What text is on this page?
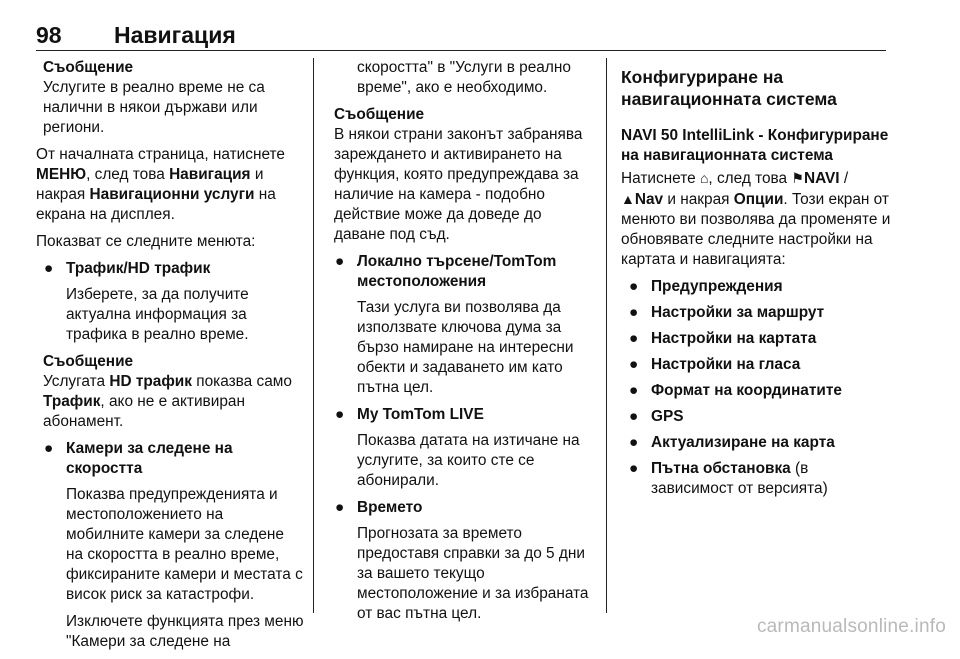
98 Навигация
Съобщение
Услугите в реално време не са налични в някои държави или региони.

От началната страница, натиснете МЕНЮ, след това Навигация и накрая Навигационни услуги на екрана на дисплея.

Показват се следните менюта:

● Трафик/HD трафик
Изберете, за да получите актуална информация за трафика в реално време.
Съобщение
Услугата HD трафик показва само Трафик, ако не е активиран абонамент.
● Камери за следене на скоростта
Показва предупрежденията и местоположението на мобилните камери за следене на скоростта в реално време, фиксираните камери и местата с висок риск за катастрофи.
Изключете функцията през меню "Камери за следене на
скоростта" в "Услуги в реално време", ако е необходимо.
Съобщение
В някои страни законът забранява зареждането и активирането на функция, която предупреждава за наличие на камера - подобно действие може да доведе до даване под съд.
● Локално търсене/TomTom местоположения
Тази услуга ви позволява да използвате ключова дума за бързо намиране на интересни обекти и задаването им като пътна цел.
● My TomTom LIVE
Показва датата на изтичане на услугите, за които сте се абонирали.
● Времето
Прогнозата за времето предоставя справки за до 5 дни за вашето текущо местоположение и за избраната от вас пътна цел.
Конфигуриране на навигационната система
NAVI 50 IntelliLink - Конфигуриране на навигационната система

Натиснете ⌂, след това ⚑NAVI / ▲Nav и накрая Опции. Този екран от менюто ви позволява да променяте и обновявате следните настройки на картата и навигацията:

● Предупреждения
● Настройки за маршрут
● Настройки на картата
● Настройки на гласа
● Формат на координатите
● GPS
● Актуализиране на карта
● Пътна обстановка (в зависимост от версията)
carmanualsonline.info
